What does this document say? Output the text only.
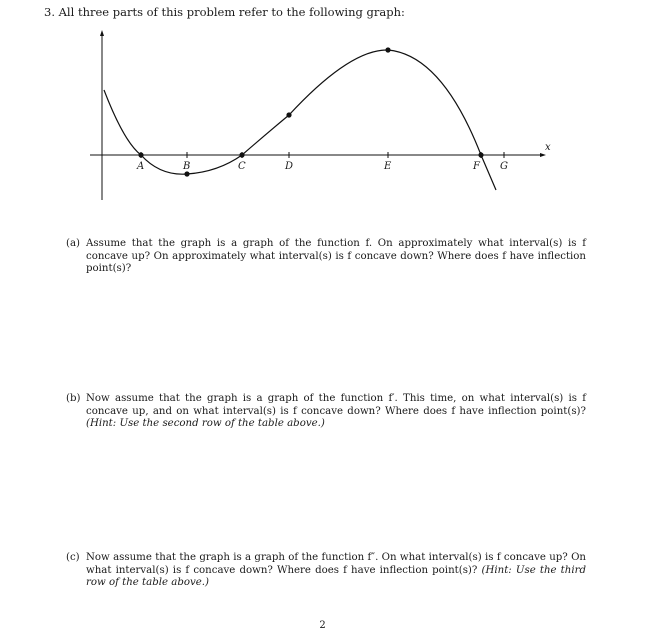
3. All three parts of this problem refer to the following graph:
A	B	C	D	E	F G
x
(a) Assume that the graph is a graph of the function f. On approximately what interval(s) is f concave up? On approximately what interval(s) is f concave down? Where does f have inflection point(s)?
(b) Now assume that the graph is a graph of the function f′. This time, on what interval(s) is f concave up, and on what interval(s) is f concave down? Where does f have inflection point(s)? (Hint: Use the second row of the table above.)
(c) Now assume that the graph is a graph of the function f″. On what interval(s) is f concave up? On what interval(s) is f concave down? Where does f have inflection point(s)? (Hint: Use the third row of the table above.)
2
